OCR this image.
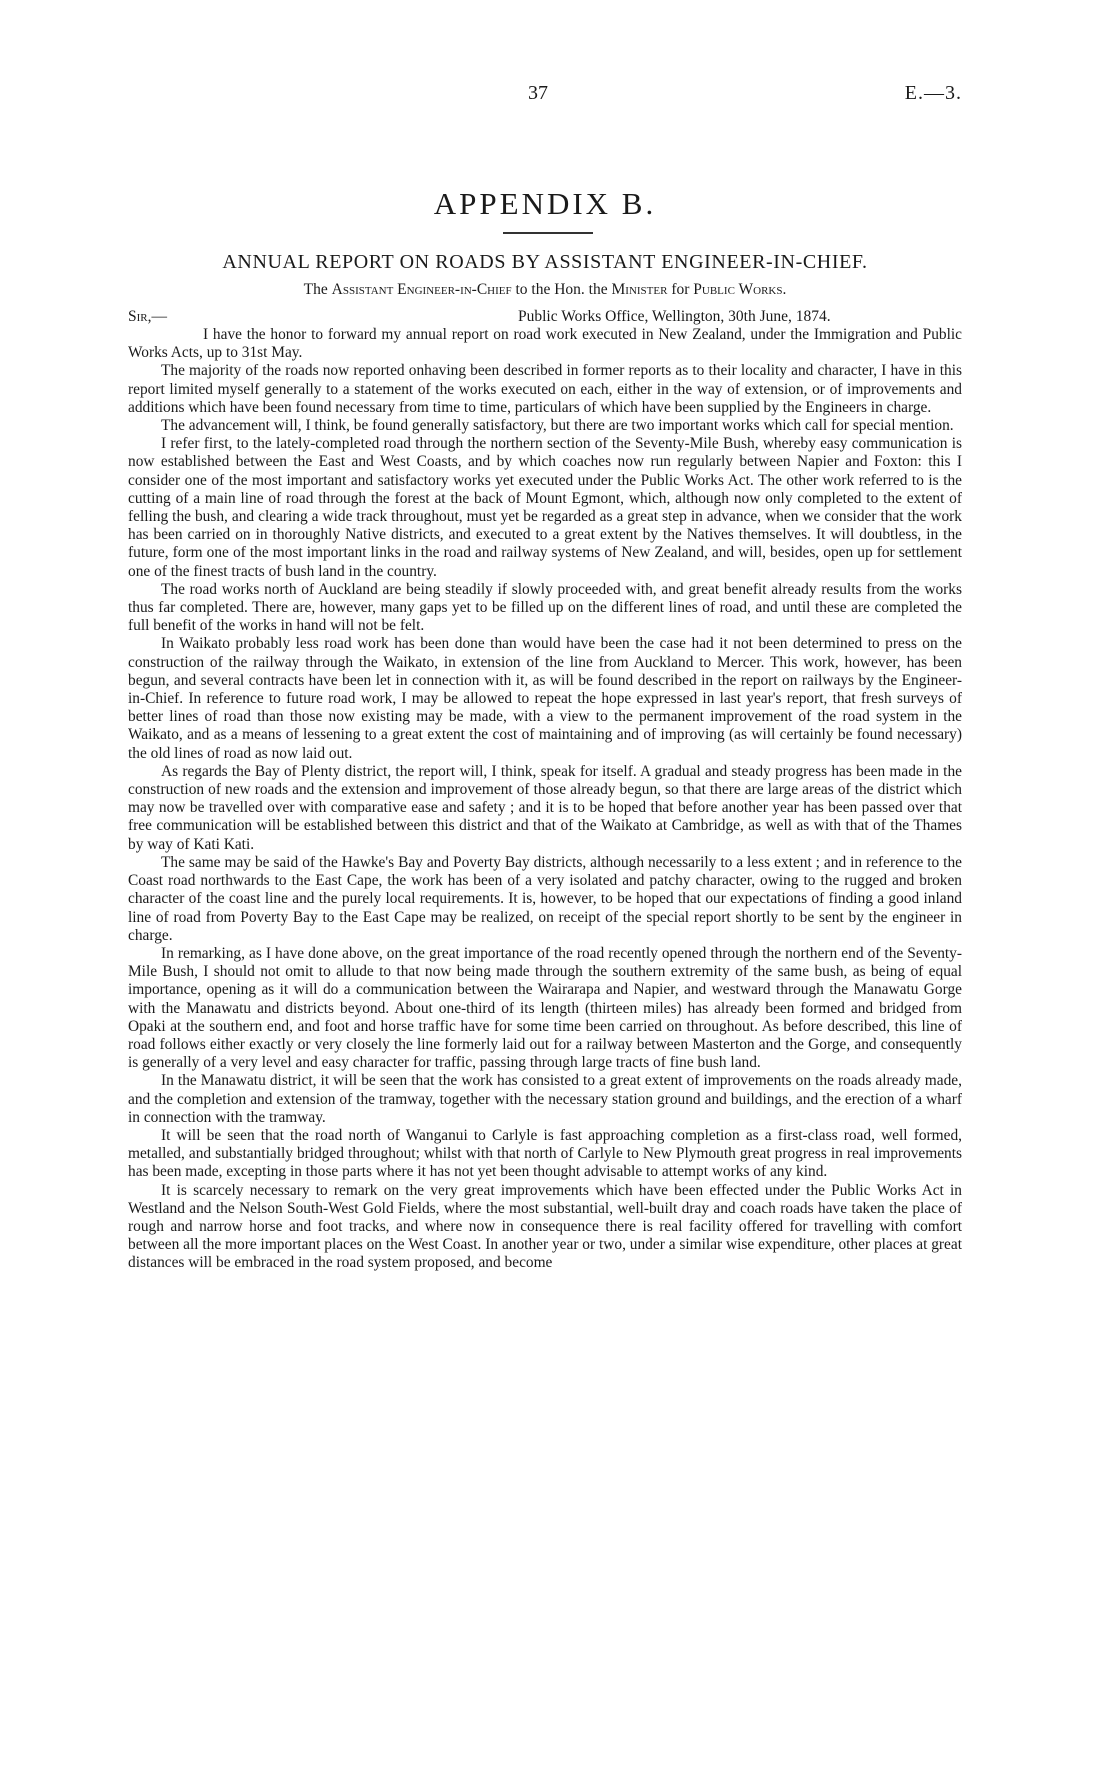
37	E.—3.
APPENDIX B.
ANNUAL REPORT ON ROADS BY ASSISTANT ENGINEER-IN-CHIEF.
The Assistant Engineer-in-Chief to the Hon. the Minister for Public Works.
Sir,—	Public Works Office, Wellington, 30th June, 1874.

I have the honor to forward my annual report on road work executed in New Zealand, under the Immigration and Public Works Acts, up to 31st May.

The majority of the roads now reported onhaving been described in former reports as to their locality and character, I have in this report limited myself generally to a statement of the works executed on each, either in the way of extension, or of improvements and additions which have been found necessary from time to time, particulars of which have been supplied by the Engineers in charge.

The advancement will, I think, be found generally satisfactory, but there are two important works which call for special mention.

I refer first, to the lately-completed road through the northern section of the Seventy-Mile Bush, whereby easy communication is now established between the East and West Coasts, and by which coaches now run regularly between Napier and Foxton: this I consider one of the most important and satisfactory works yet executed under the Public Works Act. The other work referred to is the cutting of a main line of road through the forest at the back of Mount Egmont, which, although now only completed to the extent of felling the bush, and clearing a wide track throughout, must yet be regarded as a great step in advance, when we consider that the work has been carried on in thoroughly Native districts, and executed to a great extent by the Natives themselves. It will doubtless, in the future, form one of the most important links in the road and railway systems of New Zealand, and will, besides, open up for settlement one of the finest tracts of bush land in the country.

The road works north of Auckland are being steadily if slowly proceeded with, and great benefit already results from the works thus far completed. There are, however, many gaps yet to be filled up on the different lines of road, and until these are completed the full benefit of the works in hand will not be felt.

In Waikato probably less road work has been done than would have been the case had it not been determined to press on the construction of the railway through the Waikato, in extension of the line from Auckland to Mercer. This work, however, has been begun, and several contracts have been let in connection with it, as will be found described in the report on railways by the Engineer-in-Chief. In reference to future road work, I may be allowed to repeat the hope expressed in last year's report, that fresh surveys of better lines of road than those now existing may be made, with a view to the permanent improvement of the road system in the Waikato, and as a means of lessening to a great extent the cost of maintaining and of improving (as will certainly be found necessary) the old lines of road as now laid out.

As regards the Bay of Plenty district, the report will, I think, speak for itself. A gradual and steady progress has been made in the construction of new roads and the extension and improvement of those already begun, so that there are large areas of the district which may now be travelled over with comparative ease and safety ; and it is to be hoped that before another year has been passed over that free communication will be established between this district and that of the Waikato at Cambridge, as well as with that of the Thames by way of Kati Kati.

The same may be said of the Hawke's Bay and Poverty Bay districts, although necessarily to a less extent ; and in reference to the Coast road northwards to the East Cape, the work has been of a very isolated and patchy character, owing to the rugged and broken character of the coast line and the purely local requirements. It is, however, to be hoped that our expectations of finding a good inland line of road from Poverty Bay to the East Cape may be realized, on receipt of the special report shortly to be sent by the engineer in charge.

In remarking, as I have done above, on the great importance of the road recently opened through the northern end of the Seventy-Mile Bush, I should not omit to allude to that now being made through the southern extremity of the same bush, as being of equal importance, opening as it will do a communication between the Wairarapa and Napier, and westward through the Manawatu Gorge with the Manawatu and districts beyond. About one-third of its length (thirteen miles) has already been formed and bridged from Opaki at the southern end, and foot and horse traffic have for some time been carried on throughout. As before described, this line of road follows either exactly or very closely the line formerly laid out for a railway between Masterton and the Gorge, and consequently is generally of a very level and easy character for traffic, passing through large tracts of fine bush land.

In the Manawatu district, it will be seen that the work has consisted to a great extent of improvements on the roads already made, and the completion and extension of the tramway, together with the necessary station ground and buildings, and the erection of a wharf in connection with the tramway.

It will be seen that the road north of Wanganui to Carlyle is fast approaching completion as a first-class road, well formed, metalled, and substantially bridged throughout; whilst with that north of Carlyle to New Plymouth great progress in real improvements has been made, excepting in those parts where it has not yet been thought advisable to attempt works of any kind.

It is scarcely necessary to remark on the very great improvements which have been effected under the Public Works Act in Westland and the Nelson South-West Gold Fields, where the most substantial, well-built dray and coach roads have taken the place of rough and narrow horse and foot tracks, and where now in consequence there is real facility offered for travelling with comfort between all the more important places on the West Coast. In another year or two, under a similar wise expenditure, other places at great distances will be embraced in the road system proposed, and become
